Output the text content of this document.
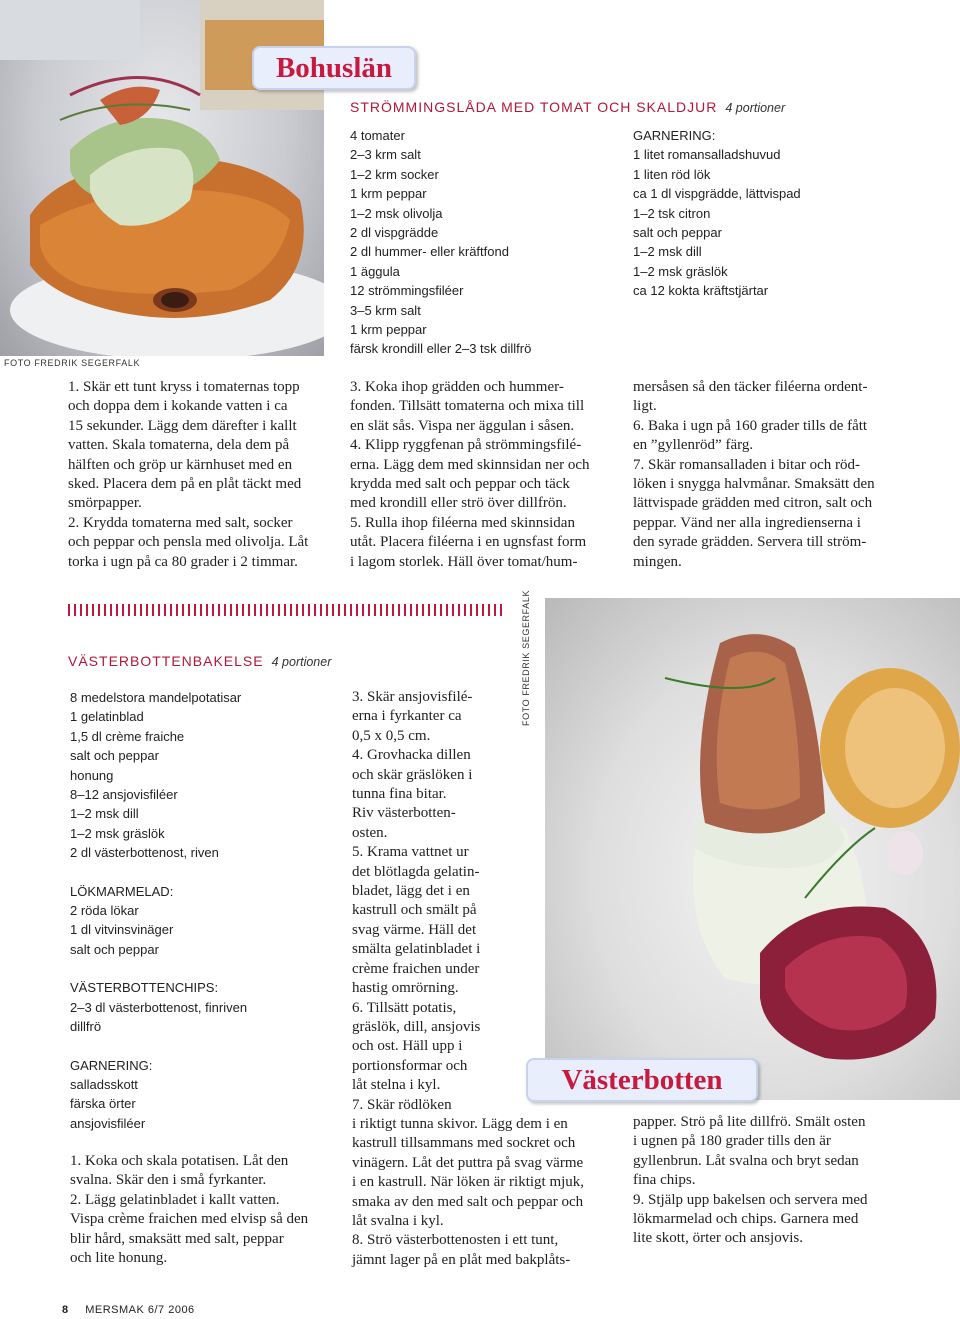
FOTO FREDRIK SEGERFALK
Bohuslän
STRÖMMINGSLÅDA MED TOMAT OCH SKALDJUR 4 portioner
4 tomater
2–3 krm salt
1–2 krm socker
1 krm peppar
1–2 msk olivolja
2 dl vispgrädde
2 dl hummer- eller kräftfond
1 äggula
12 strömmingsfiléer
3–5 krm salt
1 krm peppar
färsk krondill eller 2–3 tsk dillfrö
GARNERING:
1 litet romansalladshuvud
1 liten röd lök
ca 1 dl vispgrädde, lättvispad
1–2 tsk citron
salt och peppar
1–2 msk dill
1–2 msk gräslök
ca 12 kokta kräftstjärtar
1. Skär ett tunt kryss i tomaternas topp
och doppa dem i kokande vatten i ca
15 sekunder. Lägg dem därefter i kallt
vatten. Skala tomaterna, dela dem på
hälften och gröp ur kärnhuset med en
sked. Placera dem på en plåt täckt med
smörpapper.
2. Krydda tomaterna med salt, socker
och peppar och pensla med olivolja. Låt
torka i ugn på ca 80 grader i 2 timmar.
3. Koka ihop grädden och hummer-
fonden. Tillsätt tomaterna och mixa till
en slät sås. Vispa ner äggulan i såsen.
4. Klipp ryggfenan på strömmingsfilé-
erna. Lägg dem med skinnsidan ner och
krydda med salt och peppar och täck
med krondill eller strö över dillfrön.
5. Rulla ihop filéerna med skinnsidan
utåt. Placera filéerna i en ugnsfast form
i lagom storlek. Häll över tomat/hum-
mersåsen så den täcker filéerna ordent-
ligt.
6. Baka i ugn på 160 grader tills de fått
en ”gyllenröd” färg.
7. Skär romansalladen i bitar och röd-
löken i snygga halvmånar. Smaksätt den
lättvispade grädden med citron, salt och
peppar. Vänd ner alla ingredienserna i
den syrade grädden. Servera till ström-
mingen.
VÄSTERBOTTENBAKELSE 4 portioner
8 medelstora mandelpotatisar
1 gelatinblad
1,5 dl crème fraiche
salt och peppar
honung
8–12 ansjovisfiléer
1–2 msk dill
1–2 msk gräslök
2 dl västerbottenost, riven
LÖKMARMELAD:
2 röda lökar
1 dl vitvinsvinäger
salt och peppar
VÄSTERBOTTENCHIPS:
2–3 dl västerbottenost, finriven
dillfrö
GARNERING:
salladsskott
färska örter
ansjovisfiléer
1. Koka och skala potatisen. Låt den
svalna. Skär den i små fyrkanter.
2. Lägg gelatinbladet i kallt vatten.
Vispa crème fraichen med elvisp så den
blir hård, smaksätt med salt, peppar
och lite honung.
3. Skär ansjovisfilé-
erna i fyrkanter ca
0,5 x 0,5 cm.
4. Grovhacka dillen
och skär gräslöken i
tunna fina bitar.
Riv västerbotten-
osten.
5. Krama vattnet ur
det blötlagda gelatin-
bladet, lägg det i en
kastrull och smält på
svag värme. Häll det
smälta gelatinbladet i
crème fraichen under
hastig omrörning.
6. Tillsätt potatis,
gräslök, dill, ansjovis
och ost. Häll upp i
portionsformar och
låt stelna i kyl.
7. Skär rödlöken
i riktigt tunna skivor. Lägg dem i en
kastrull tillsammans med sockret och
vinägern. Låt det puttra på svag värme
i en kastrull. När löken är riktigt mjuk,
smaka av den med salt och peppar och
låt svalna i kyl.
8. Strö västerbottenosten i ett tunt,
jämnt lager på en plåt med bakplåts-
FOTO FREDRIK SEGERFALK
Västerbotten
papper. Strö på lite dillfrö. Smält osten
i ugnen på 180 grader tills den är
gyllenbrun. Låt svalna och bryt sedan
fina chips.
9. Stjälp upp bakelsen och servera med
lökmarmelad och chips. Garnera med
lite skott, örter och ansjovis.
8 MERSMAK 6/7 2006
